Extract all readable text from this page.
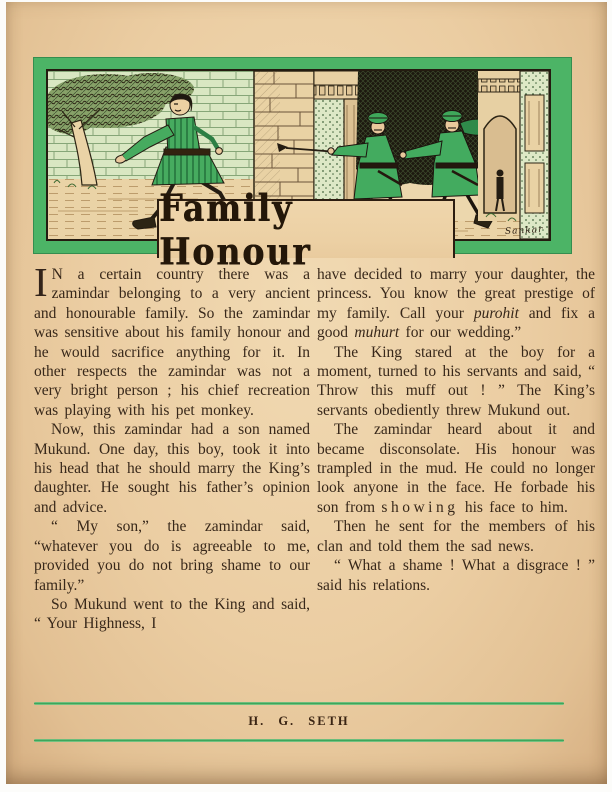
Sankar
Family Honour

I N a certain country there was a zamindar belonging to a very ancient and honourable family. So the zamindar was sensitive about his family honour and he would sacrifice anything for it. In other respects the zamindar was not a very bright person ; his chief recreation was playing with his pet monkey.

Now, this zamindar had a son named Mukund. One day, this boy, took it into his head that he should marry the King’s daughter. He sought his father’s opinion and advice.

“ My son,” the zamindar said, “whatever you do is agreeable to me, provided you do not bring shame to our family.”

So Mukund went to the King and said, “ Your Highness, I

have decided to marry your daughter, the princess. You know the great prestige of my family. Call your purohit and fix a good muhurt for our wedding.”

The King stared at the boy for a moment, turned to his servants and said, “ Throw this muff out ! ” The King’s servants obediently threw Mukund out.

The zamindar heard about it and became disconsolate. His honour was trampled in the mud. He could no longer look anyone in the face. He forbade his son from showing his face to him.

Then he sent for the members of his clan and told them the sad news.

“ What a shame ! What a disgrace ! ” said his relations.

H. G. SETH
